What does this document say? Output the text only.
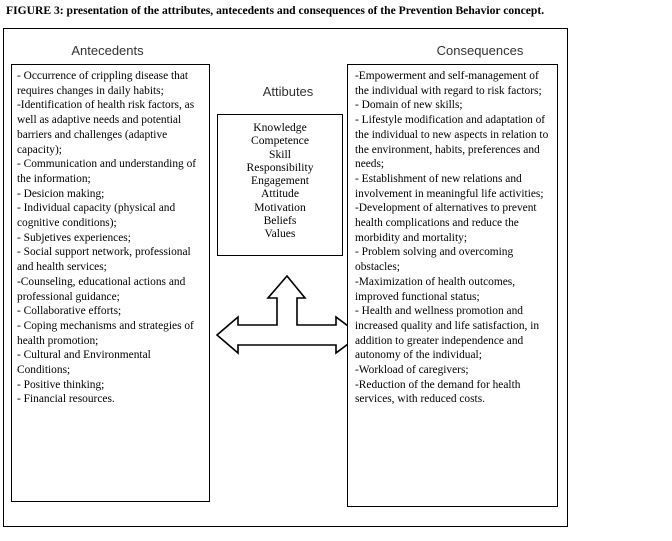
FIGURE 3: presentation of the attributes, antecedents and consequences of the Prevention Behavior concept.
Antecedents
- Occurrence of crippling disease that requires changes in daily habits;
-Identification of health risk factors, as well as adaptive needs and potential barriers and challenges (adaptive capacity);
- Communication and understanding of the information;
- Desicion making;
- Individual capacity (physical and cognitive conditions);
- Subjetives experiences;
- Social support network, professional and health services;
-Counseling, educational actions and professional guidance;
- Collaborative efforts;
- Coping mechanisms and strategies of health promotion;
- Cultural and Environmental Conditions;
- Positive thinking;
- Financial resources.
Attibutes
Knowledge
Competence
Skill
Responsibility
Engagement
Attitude
Motivation
Beliefs
Values
Consequences
-Empowerment and self-management of the individual with regard to risk factors;
- Domain of new skills;
- Lifestyle modification and adaptation of the individual to new aspects in relation to the environment, habits, preferences and needs;
- Establishment of new relations and involvement in meaningful life activities;
-Development of alternatives to prevent health complications and reduce the morbidity and mortality;
- Problem solving and overcoming obstacles;
-Maximization of health outcomes, improved functional status;
- Health and wellness promotion and increased quality and life satisfaction, in addition to greater independence and autonomy of the individual;
-Workload of caregivers;
-Reduction of the demand for health services, with reduced costs.
